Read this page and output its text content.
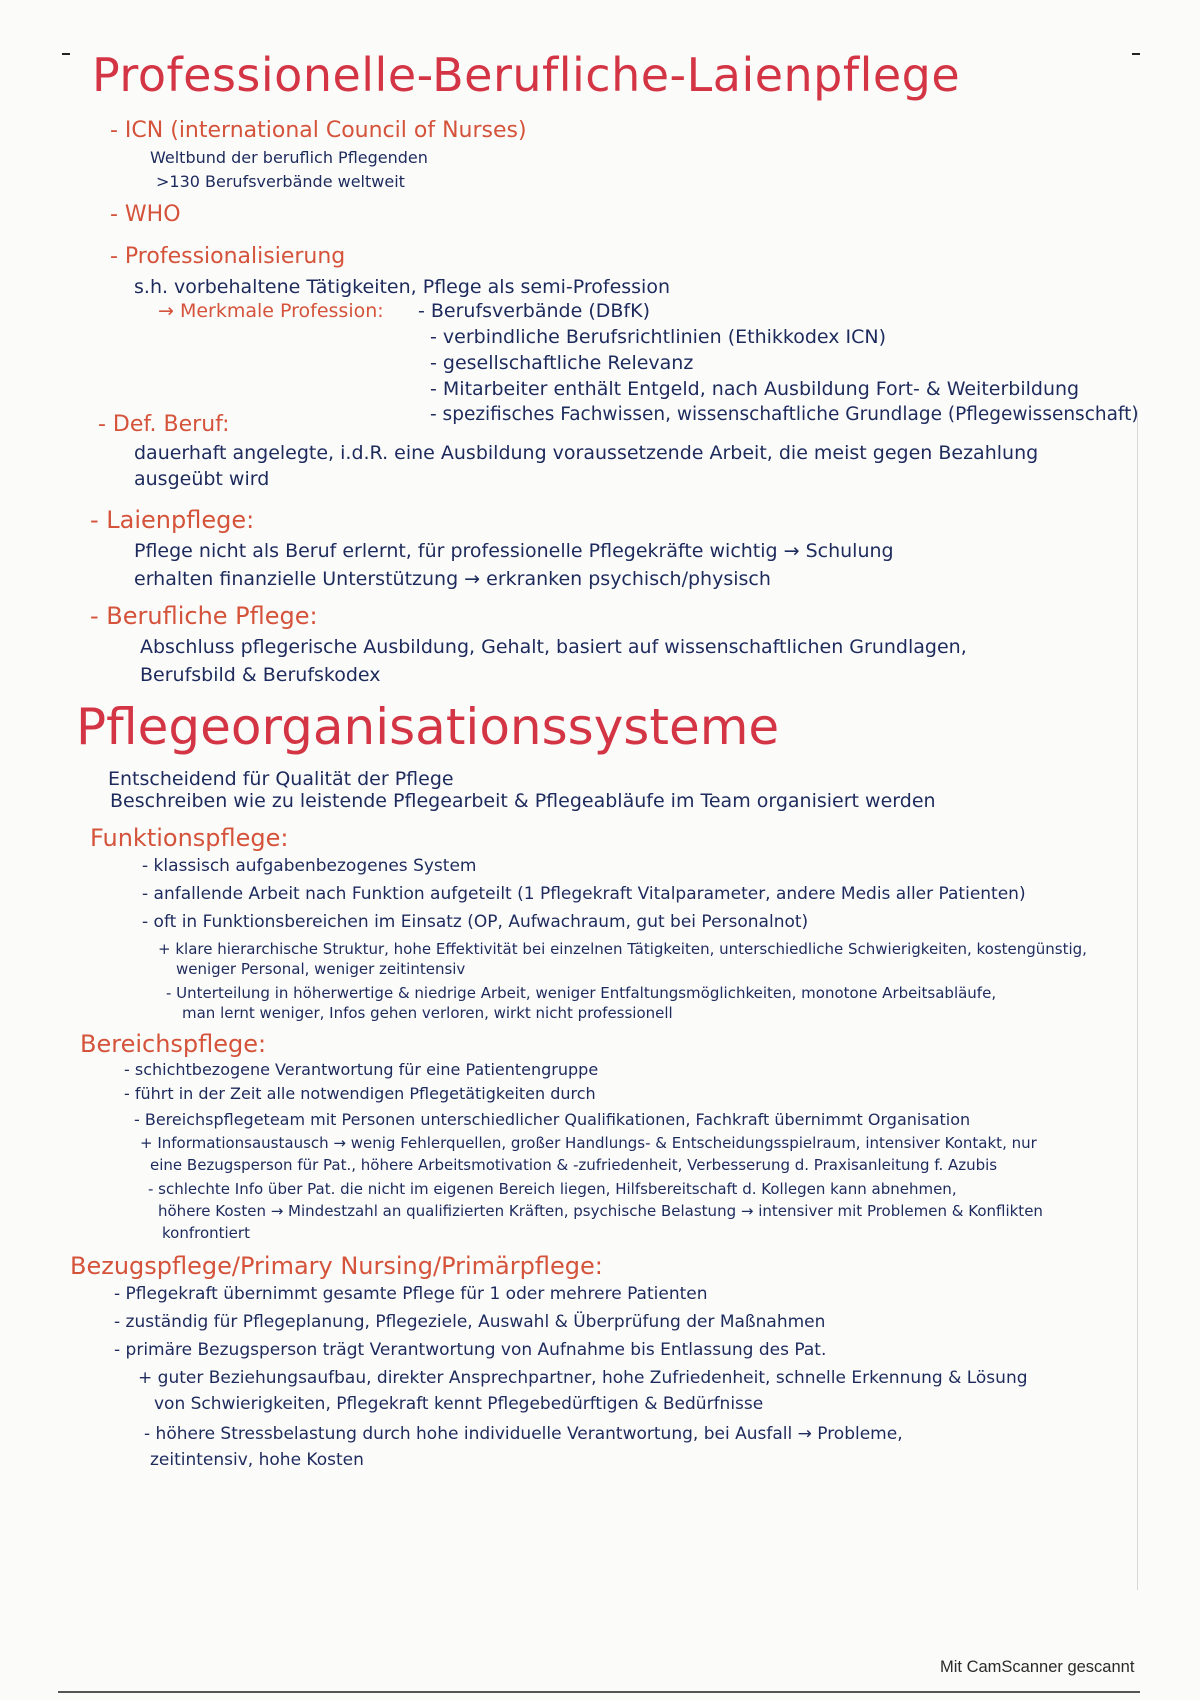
Professionelle-Berufliche-Laienpflege
- ICN (international Council of Nurses)
Weltbund der beruflich Pflegenden
>130 Berufsverbände weltweit
- WHO
- Professionalisierung
s.h. vorbehaltene Tätigkeiten, Pflege als semi-Profession
→ Merkmale Profession: - Berufsverbände (DBfK)
- verbindliche Berufsrichtlinien (Ethikkodex ICN)
- gesellschaftliche Relevanz
- Mitarbeiter enthält Entgeld, nach Ausbildung Fort- & Weiterbildung
- spezifisches Fachwissen, wissenschaftliche Grundlage (Pflegewissenschaft)
- Def. Beruf:
dauerhaft angelegte, i.d.R. eine Ausbildung voraussetzende Arbeit, die meist gegen Bezahlung
ausgeübt wird
- Laienpflege:
Pflege nicht als Beruf erlernt, für professionelle Pflegekräfte wichtig → Schulung
erhalten finanzielle Unterstützung → erkranken psychisch/physisch
- Berufliche Pflege:
Abschluss pflegerische Ausbildung, Gehalt, basiert auf wissenschaftlichen Grundlagen,
Berufsbild & Berufskodex
Pflegeorganisationssysteme
Entscheidend für Qualität der Pflege
Beschreiben wie zu leistende Pflegearbeit & Pflegeabläufe im Team organisiert werden
Funktionspflege:
- klassisch aufgabenbezogenes System
- anfallende Arbeit nach Funktion aufgeteilt (1 Pflegekraft Vitalparameter, andere Medis aller Patienten)
- oft in Funktionsbereichen im Einsatz (OP, Aufwachraum, gut bei Personalnot)
+ klare hierarchische Struktur, hohe Effektivität bei einzelnen Tätigkeiten, unterschiedliche Schwierigkeiten, kostengünstig,
weniger Personal, weniger zeitintensiv
- Unterteilung in höherwertige & niedrige Arbeit, weniger Entfaltungsmöglichkeiten, monotone Arbeitsabläufe,
man lernt weniger, Infos gehen verloren, wirkt nicht professionell
Bereichspflege:
- schichtbezogene Verantwortung für eine Patientengruppe
- führt in der Zeit alle notwendigen Pflegetätigkeiten durch
- Bereichspflegeteam mit Personen unterschiedlicher Qualifikationen, Fachkraft übernimmt Organisation
+ Informationsaustausch → wenig Fehlerquellen, großer Handlungs- & Entscheidungsspielraum, intensiver Kontakt, nur
eine Bezugsperson für Pat., höhere Arbeitsmotivation & -zufriedenheit, Verbesserung d. Praxisanleitung f. Azubis
- schlechte Info über Pat. die nicht im eigenen Bereich liegen, Hilfsbereitschaft d. Kollegen kann abnehmen,
höhere Kosten → Mindestzahl an qualifizierten Kräften, psychische Belastung → intensiver mit Problemen & Konflikten
konfrontiert
Bezugspflege/Primary Nursing/Primärpflege:
- Pflegekraft übernimmt gesamte Pflege für 1 oder mehrere Patienten
- zuständig für Pflegeplanung, Pflegeziele, Auswahl & Überprüfung der Maßnahmen
- primäre Bezugsperson trägt Verantwortung von Aufnahme bis Entlassung des Pat.
+ guter Beziehungsaufbau, direkter Ansprechpartner, hohe Zufriedenheit, schnelle Erkennung & Lösung
von Schwierigkeiten, Pflegekraft kennt Pflegebedürftigen & Bedürfnisse
- höhere Stressbelastung durch hohe individuelle Verantwortung, bei Ausfall → Probleme,
zeitintensiv, hohe Kosten
Mit CamScanner gescannt
